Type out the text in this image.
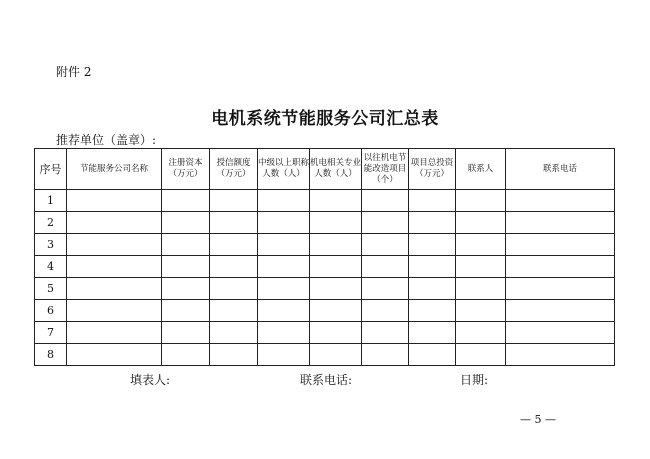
附件 2
电机系统节能服务公司汇总表
推荐单位（盖章）:
序号	节能服务公司名称	注册资本（万元）	授信额度（万元）	中级以上职称人数（人）	机电相关专业人数（人）	以往机电节能改造项目（个）	项目总投资（万元）	联系人	联系电话
1									
2									
3									
4									
5									
6									
7									
8									
填表人:	联系电话:	日期:
— 5 —
